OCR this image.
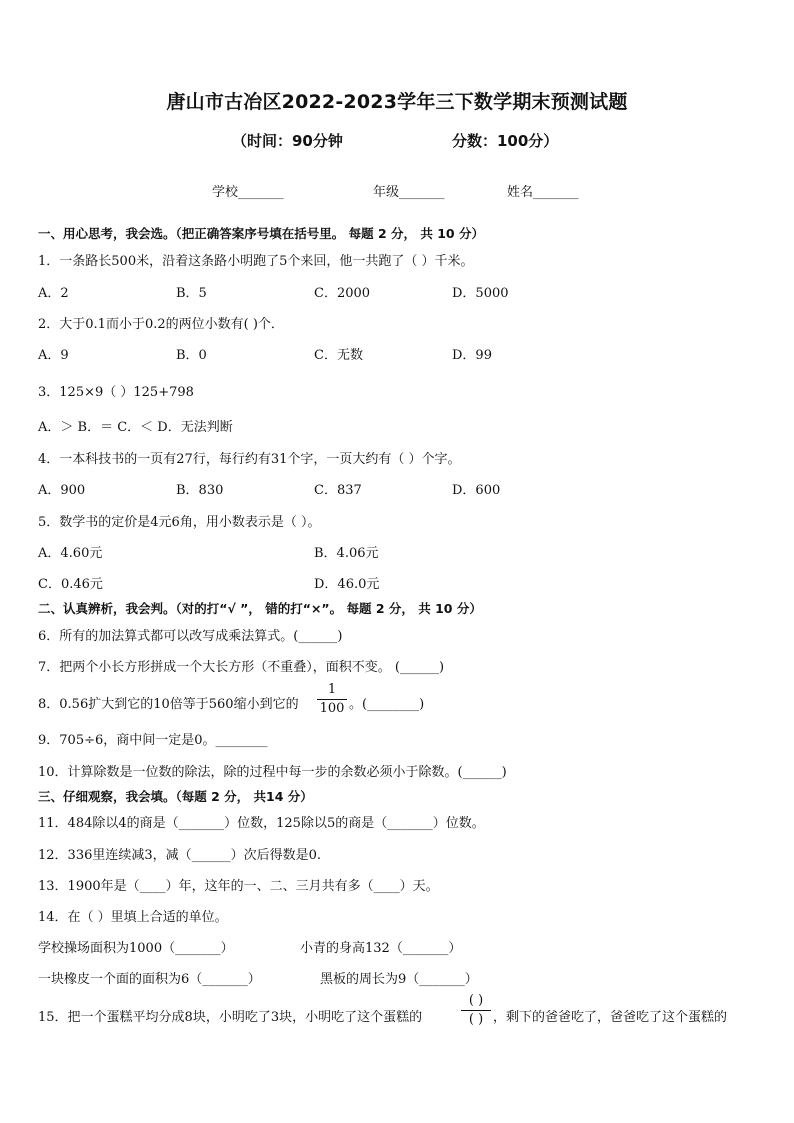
唐山市古冶区2022-2023学年三下数学期末预测试题
（时间：90分钟	分数：100分）
学校_______	年级_______	姓名_______
一、用心思考，我会选。（把正确答案序号填在括号里。 每题 2 分， 共 10 分）
1．一条路长500米，沿着这条路小明跑了5个来回，他一共跑了（ ）千米。
A．2	B．5	C．2000	D．5000
2．大于0.1而小于0.2的两位小数有( )个．
A．9	B．0	C．无数	D．99
3．125×9（ ）125+798
A．＞ B．＝ C．＜ D．无法判断
4．一本科技书的一页有27行，每行约有31个字，一页大约有（ ）个字。
A．900	B．830	C．837	D．600
5．数学书的定价是4元6角，用小数表示是（ ）。
A．4.60元	B．4.06元
C．0.46元	D．46.0元
二、认真辨析，我会判。（对的打“√ ”， 错的打“×”。 每题 2 分， 共 10 分）
6．所有的加法算式都可以改写成乘法算式。(______)
7．把两个小长方形拼成一个大长方形（不重叠），面积不变。 (______)
8．0.56扩大到它的10倍等于560缩小到它的 $\frac{1}{100}$ 。(________)
9．705÷6，商中间一定是0。________
10．计算除数是一位数的除法，除的过程中每一步的余数必须小于除数。(______)
三、仔细观察，我会填。（每题 2 分， 共14 分）
11．484除以4的商是（_______）位数，125除以5的商是（_______）位数。
12．336里连续减3，减（______）次后得数是0.
13．1900年是（____）年，这年的一、二、三月共有多（____）天。
14．在（ ）里填上合适的单位。
学校操场面积为1000（_______）	小青的身高132（_______）
一块橡皮一个面的面积为6（_______）	黑板的周长为9（_______）
15．把一个蛋糕平均分成8块，小明吃了3块，小明吃了这个蛋糕的
( )
( ) ，剩下的爸爸吃了，爸爸吃了这个蛋糕的
